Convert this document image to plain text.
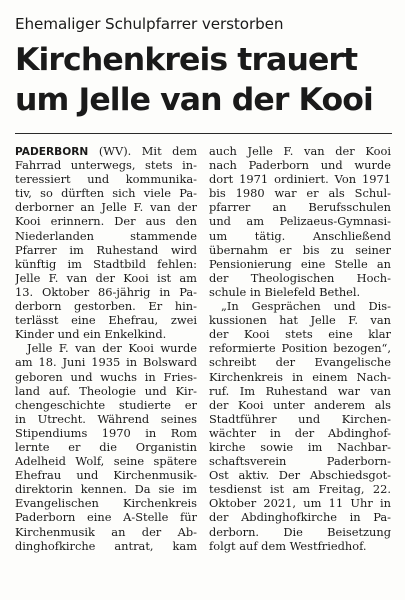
Ehemaliger Schulpfarrer verstorben
Kirchenkreis trauert
um Jelle van der Kooi
PADERBORN (WV). Mit dem
Fahrrad unterwegs, stets in-
teressiert und kommunika-
tiv, so dürften sich viele Pa-
derborner an Jelle F. van der
Kooi erinnern. Der aus den
Niederlanden stammende
Pfarrer im Ruhestand wird
künftig im Stadtbild fehlen:
Jelle F. van der Kooi ist am
13. Oktober 86-jährig in Pa-
derborn gestorben. Er hin-
terlässt eine Ehefrau, zwei
Kinder und ein Enkelkind.
Jelle F. van der Kooi wurde
am 18. Juni 1935 in Bolsward
geboren und wuchs in Fries-
land auf. Theologie und Kir-
chengeschichte studierte er
in Utrecht. Während seines
Stipendiums 1970 in Rom
lernte er die Organistin
Adelheid Wolf, seine spätere
Ehefrau und Kirchenmusik-
direktorin kennen. Da sie im
Evangelischen Kirchenkreis
Paderborn eine A-Stelle für
Kirchenmusik an der Ab-
dinghofkirche antrat, kam
auch Jelle F. van der Kooi
nach Paderborn und wurde
dort 1971 ordiniert. Von 1971
bis 1980 war er als Schul-
pfarrer an Berufsschulen
und am Pelizaeus-Gymnasi-
um tätig. Anschließend
übernahm er bis zu seiner
Pensionierung eine Stelle an
der Theologischen Hoch-
schule in Bielefeld Bethel.
„In Gesprächen und Dis-
kussionen hat Jelle F. van
der Kooi stets eine klar
reformierte Position bezogen“,
schreibt der Evangelische
Kirchenkreis in einem Nach-
ruf. Im Ruhestand war van
der Kooi unter anderem als
Stadtführer und Kirchen-
wächter in der Abdinghof-
kirche sowie im Nachbar-
schaftsverein Paderborn-
Ost aktiv. Der Abschiedsgot-
tesdienst ist am Freitag, 22.
Oktober 2021, um 11 Uhr in
der Abdinghofkirche in Pa-
derborn. Die Beisetzung
folgt auf dem Westfriedhof.
